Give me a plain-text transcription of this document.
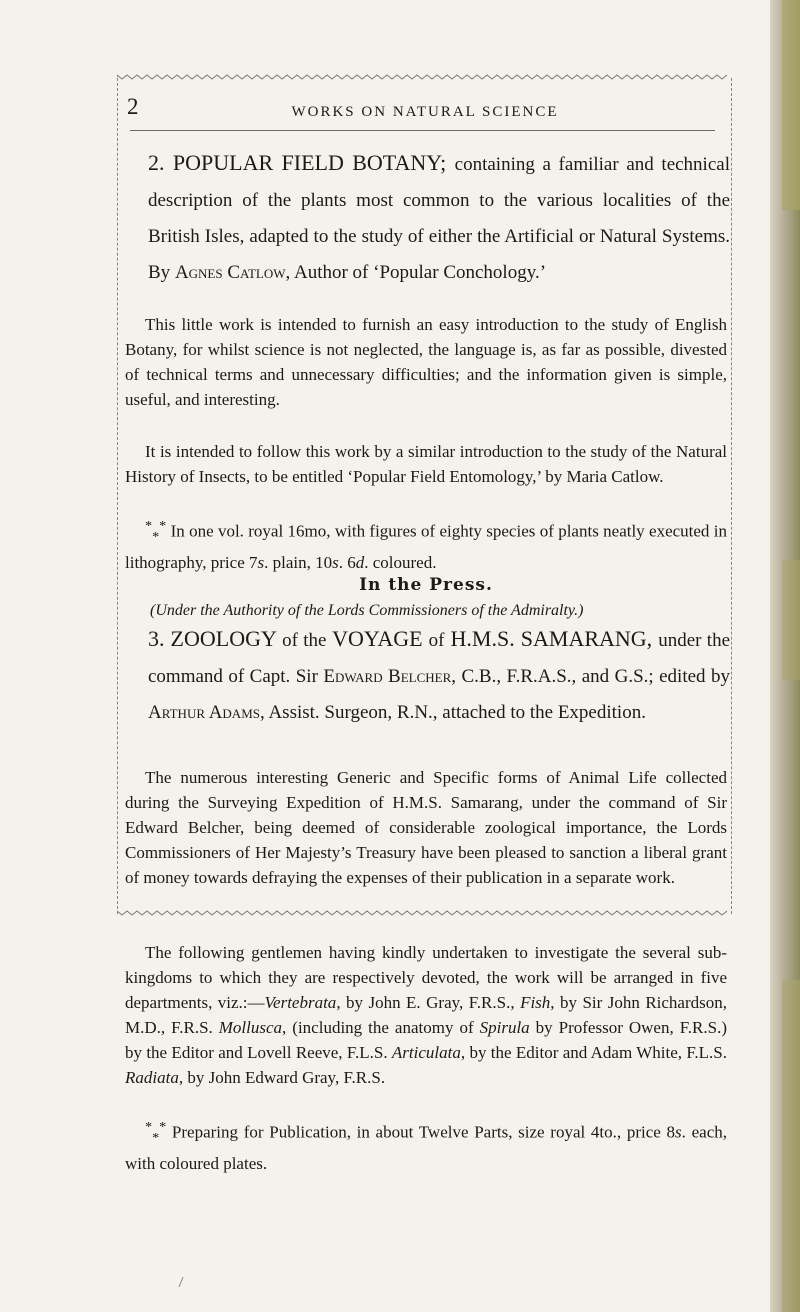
2	WORKS ON NATURAL SCIENCE
2. POPULAR FIELD BOTANY; containing a familiar and technical description of the plants most common to the various localities of the British Isles, adapted to the study of either the Artificial or Natural Systems. By Agnes Catlow, Author of ‘Popular Conchology.’
This little work is intended to furnish an easy introduction to the study of English Botany, for whilst science is not neglected, the language is, as far as possible, divested of technical terms and unnecessary difficulties; and the information given is simple, useful, and interesting.
It is intended to follow this work by a similar introduction to the study of the Natural History of Insects, to be entitled ‘Popular Field Entomology,’ by Maria Catlow.
*$_*$* In one vol. royal 16mo, with figures of eighty species of plants neatly executed in lithography, price 7s. plain, 10s. 6d. coloured.
In the Press.
(Under the Authority of the Lords Commissioners of the Admiralty.)
3. ZOOLOGY of the VOYAGE of H.M.S. SAMARANG, under the command of Capt. Sir Edward Belcher, C.B., F.R.A.S., and G.S.; edited by Arthur Adams, Assist. Surgeon, R.N., attached to the Expedition.
The numerous interesting Generic and Specific forms of Animal Life collected during the Surveying Expedition of H.M.S. Samarang, under the command of Sir Edward Belcher, being deemed of considerable zoological importance, the Lords Commissioners of Her Majesty’s Treasury have been pleased to sanction a liberal grant of money towards defraying the expenses of their publication in a separate work.
The following gentlemen having kindly undertaken to investigate the several sub-kingdoms to which they are respectively devoted, the work will be arranged in five departments, viz.:—Vertebrata, by John E. Gray, F.R.S., Fish, by Sir John Richardson, M.D., F.R.S. Mollusca, (including the anatomy of Spirula by Professor Owen, F.R.S.) by the Editor and Lovell Reeve, F.L.S. Articulata, by the Editor and Adam White, F.L.S. Radiata, by John Edward Gray, F.R.S.
*$_*$* Preparing for Publication, in about Twelve Parts, size royal 4to., price 8s. each, with coloured plates.
